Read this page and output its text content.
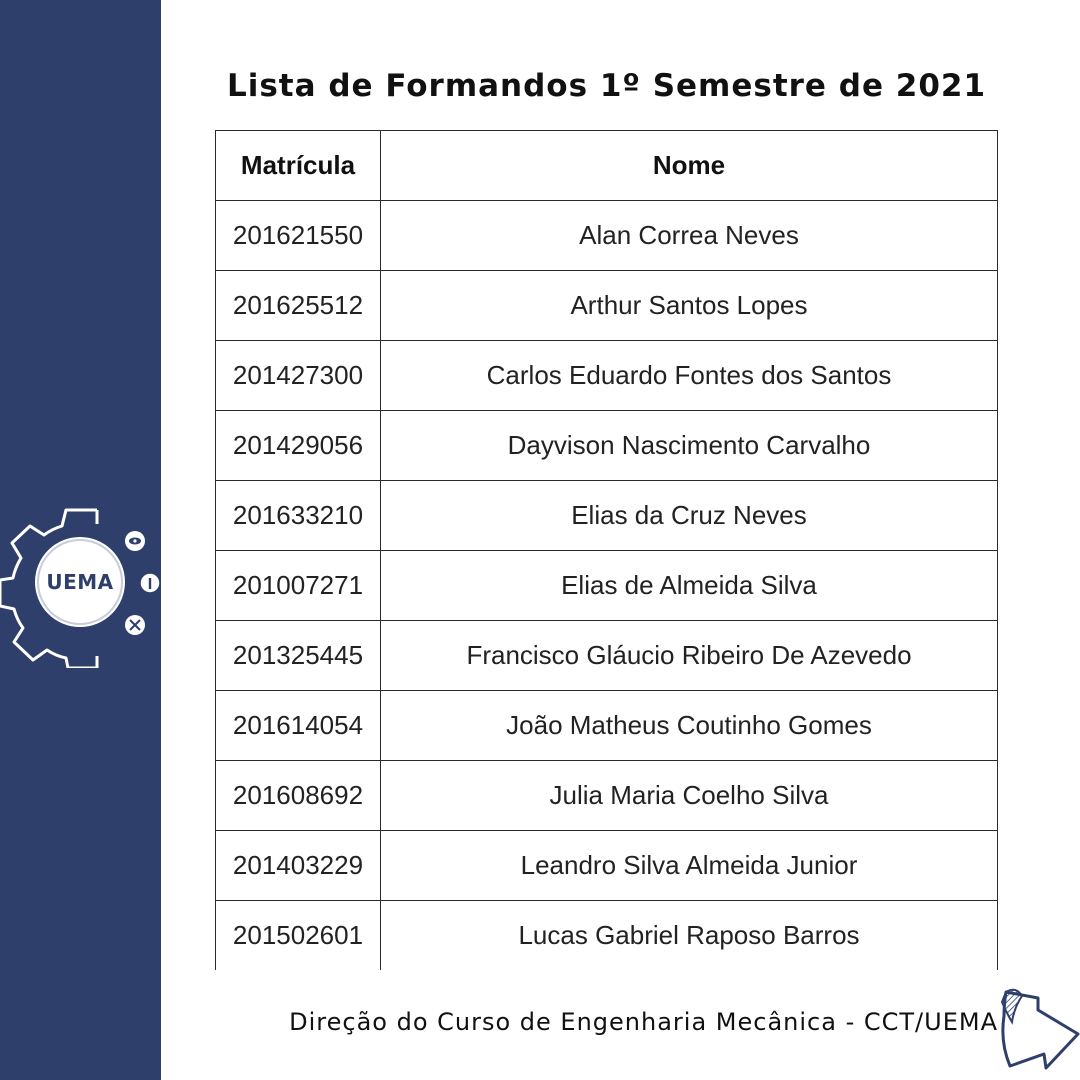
UEMA
Lista de Formandos 1º Semestre de 2021
Matrícula	Nome
201621550	Alan Correa Neves
201625512	Arthur Santos Lopes
201427300	Carlos Eduardo Fontes dos Santos
201429056	Dayvison Nascimento Carvalho
201633210	Elias da Cruz Neves
201007271	Elias de Almeida Silva
201325445	Francisco Gláucio Ribeiro De Azevedo
201614054	João Matheus Coutinho Gomes
201608692	Julia Maria Coelho Silva
201403229	Leandro Silva Almeida Junior
201502601	Lucas Gabriel Raposo Barros

Direção do Curso de Engenharia Mecânica - CCT/UEMA
